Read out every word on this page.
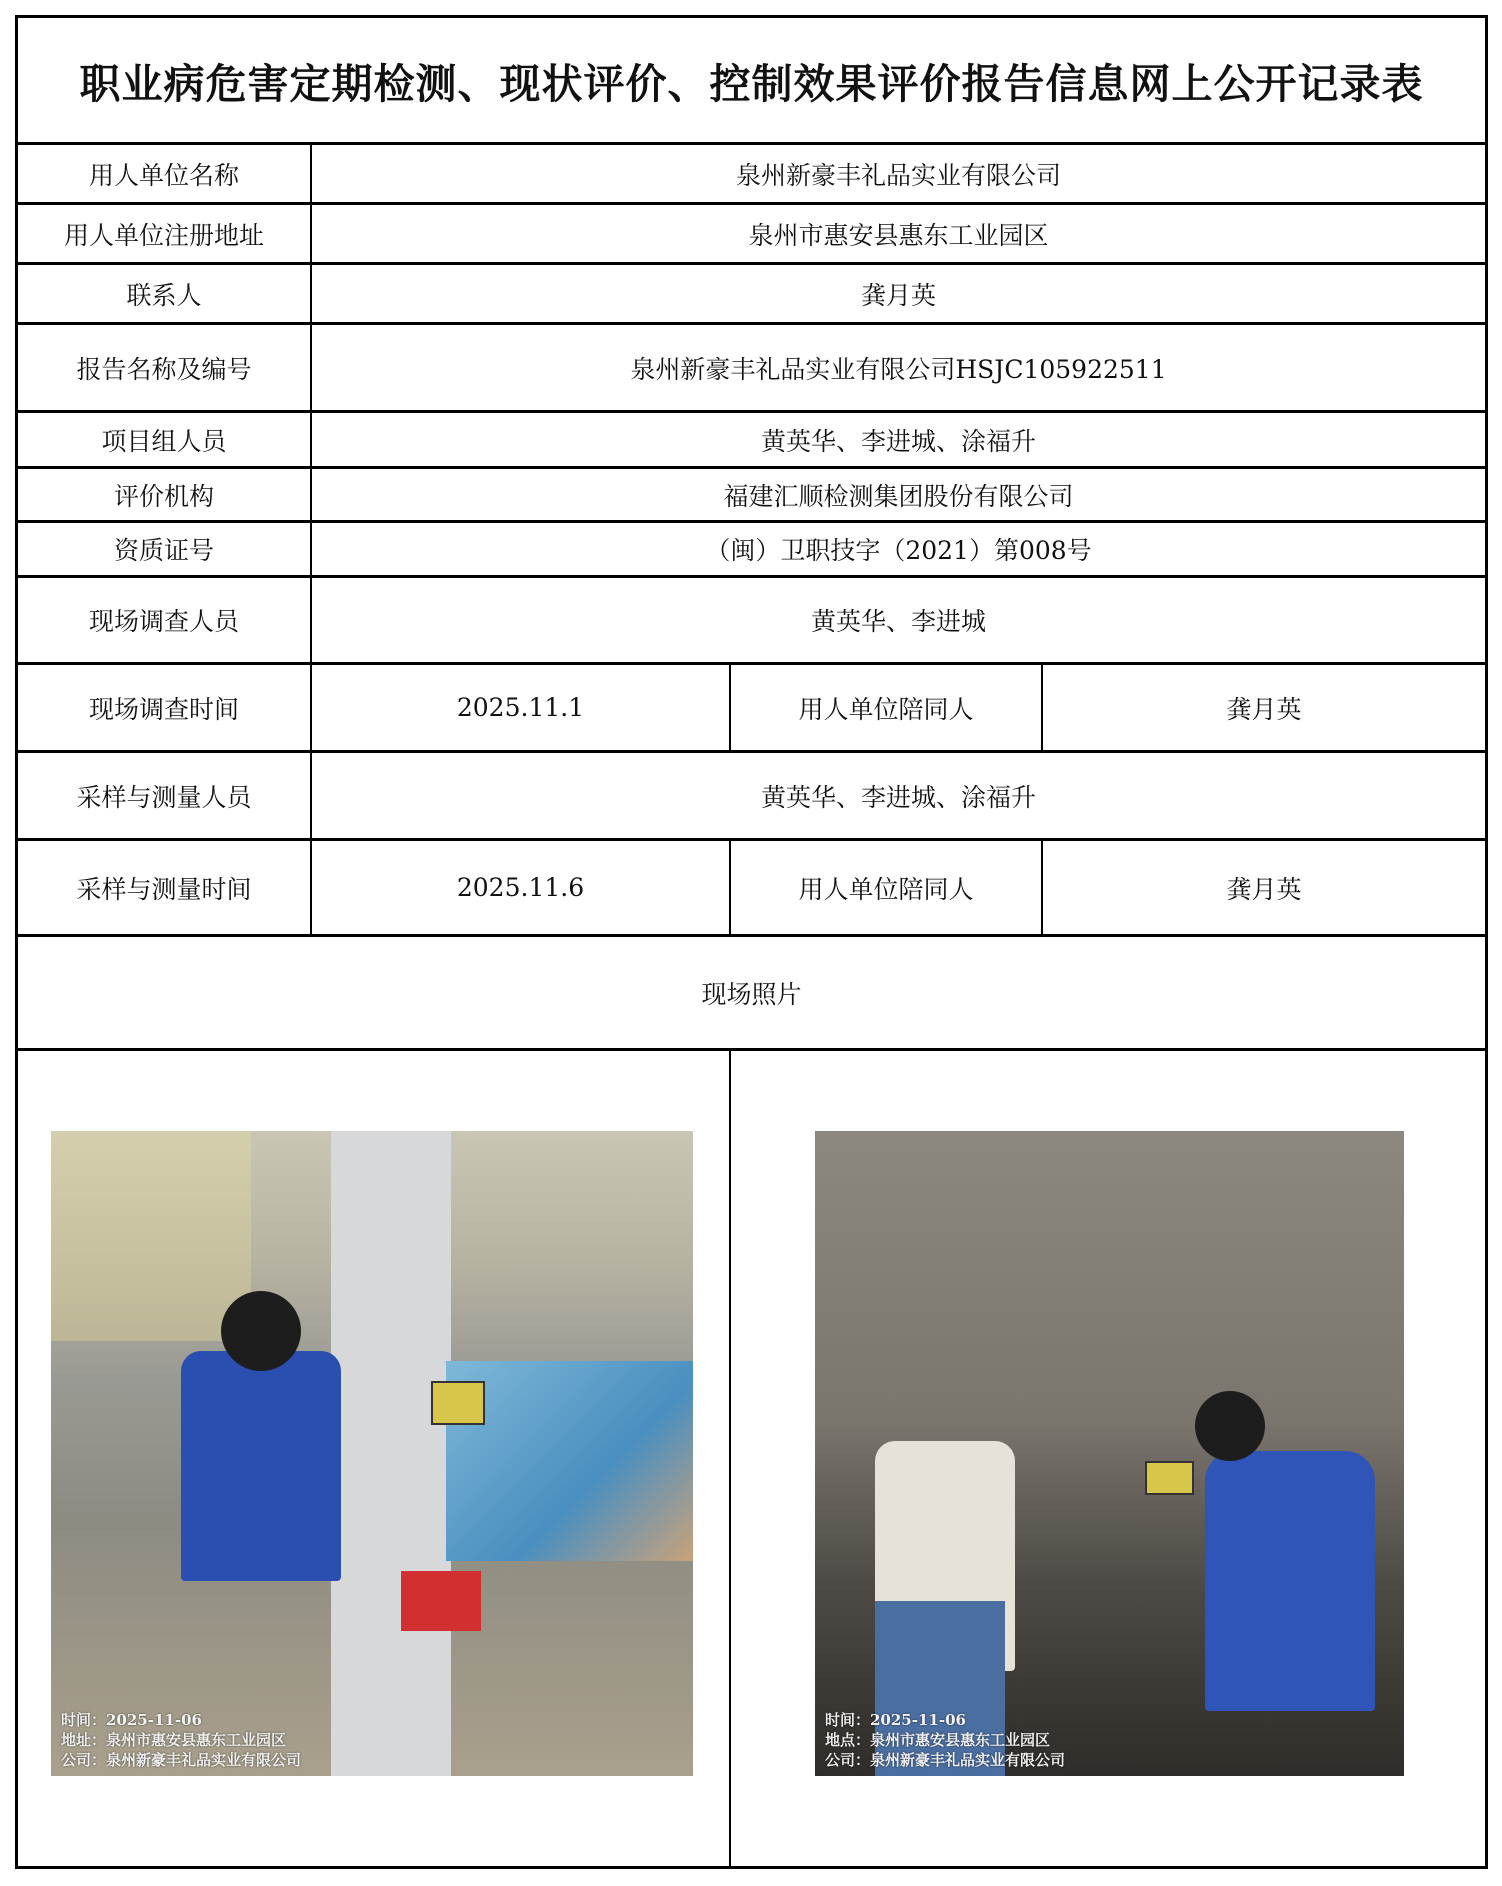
职业病危害定期检测、现状评价、控制效果评价报告信息网上公开记录表
用人单位名称	泉州新豪丰礼品实业有限公司
用人单位注册地址	泉州市惠安县惠东工业园区
联系人	龚月英
报告名称及编号	泉州新豪丰礼品实业有限公司HSJC105922511
项目组人员	黄英华、李进城、涂福升
评价机构	福建汇顺检测集团股份有限公司
资质证号	（闽）卫职技字（2021）第008号
现场调查人员	黄英华、李进城
现场调查时间	2025.11.1	用人单位陪同人	龚月英
采样与测量人员	黄英华、李进城、涂福升
采样与测量时间	2025.11.6	用人单位陪同人	龚月英
现场照片
时间：2025-11-06
地址：泉州市惠安县惠东工业园区
公司：泉州新豪丰礼品实业有限公司
时间：2025-11-06
地点：泉州市惠安县惠东工业园区
公司：泉州新豪丰礼品实业有限公司
